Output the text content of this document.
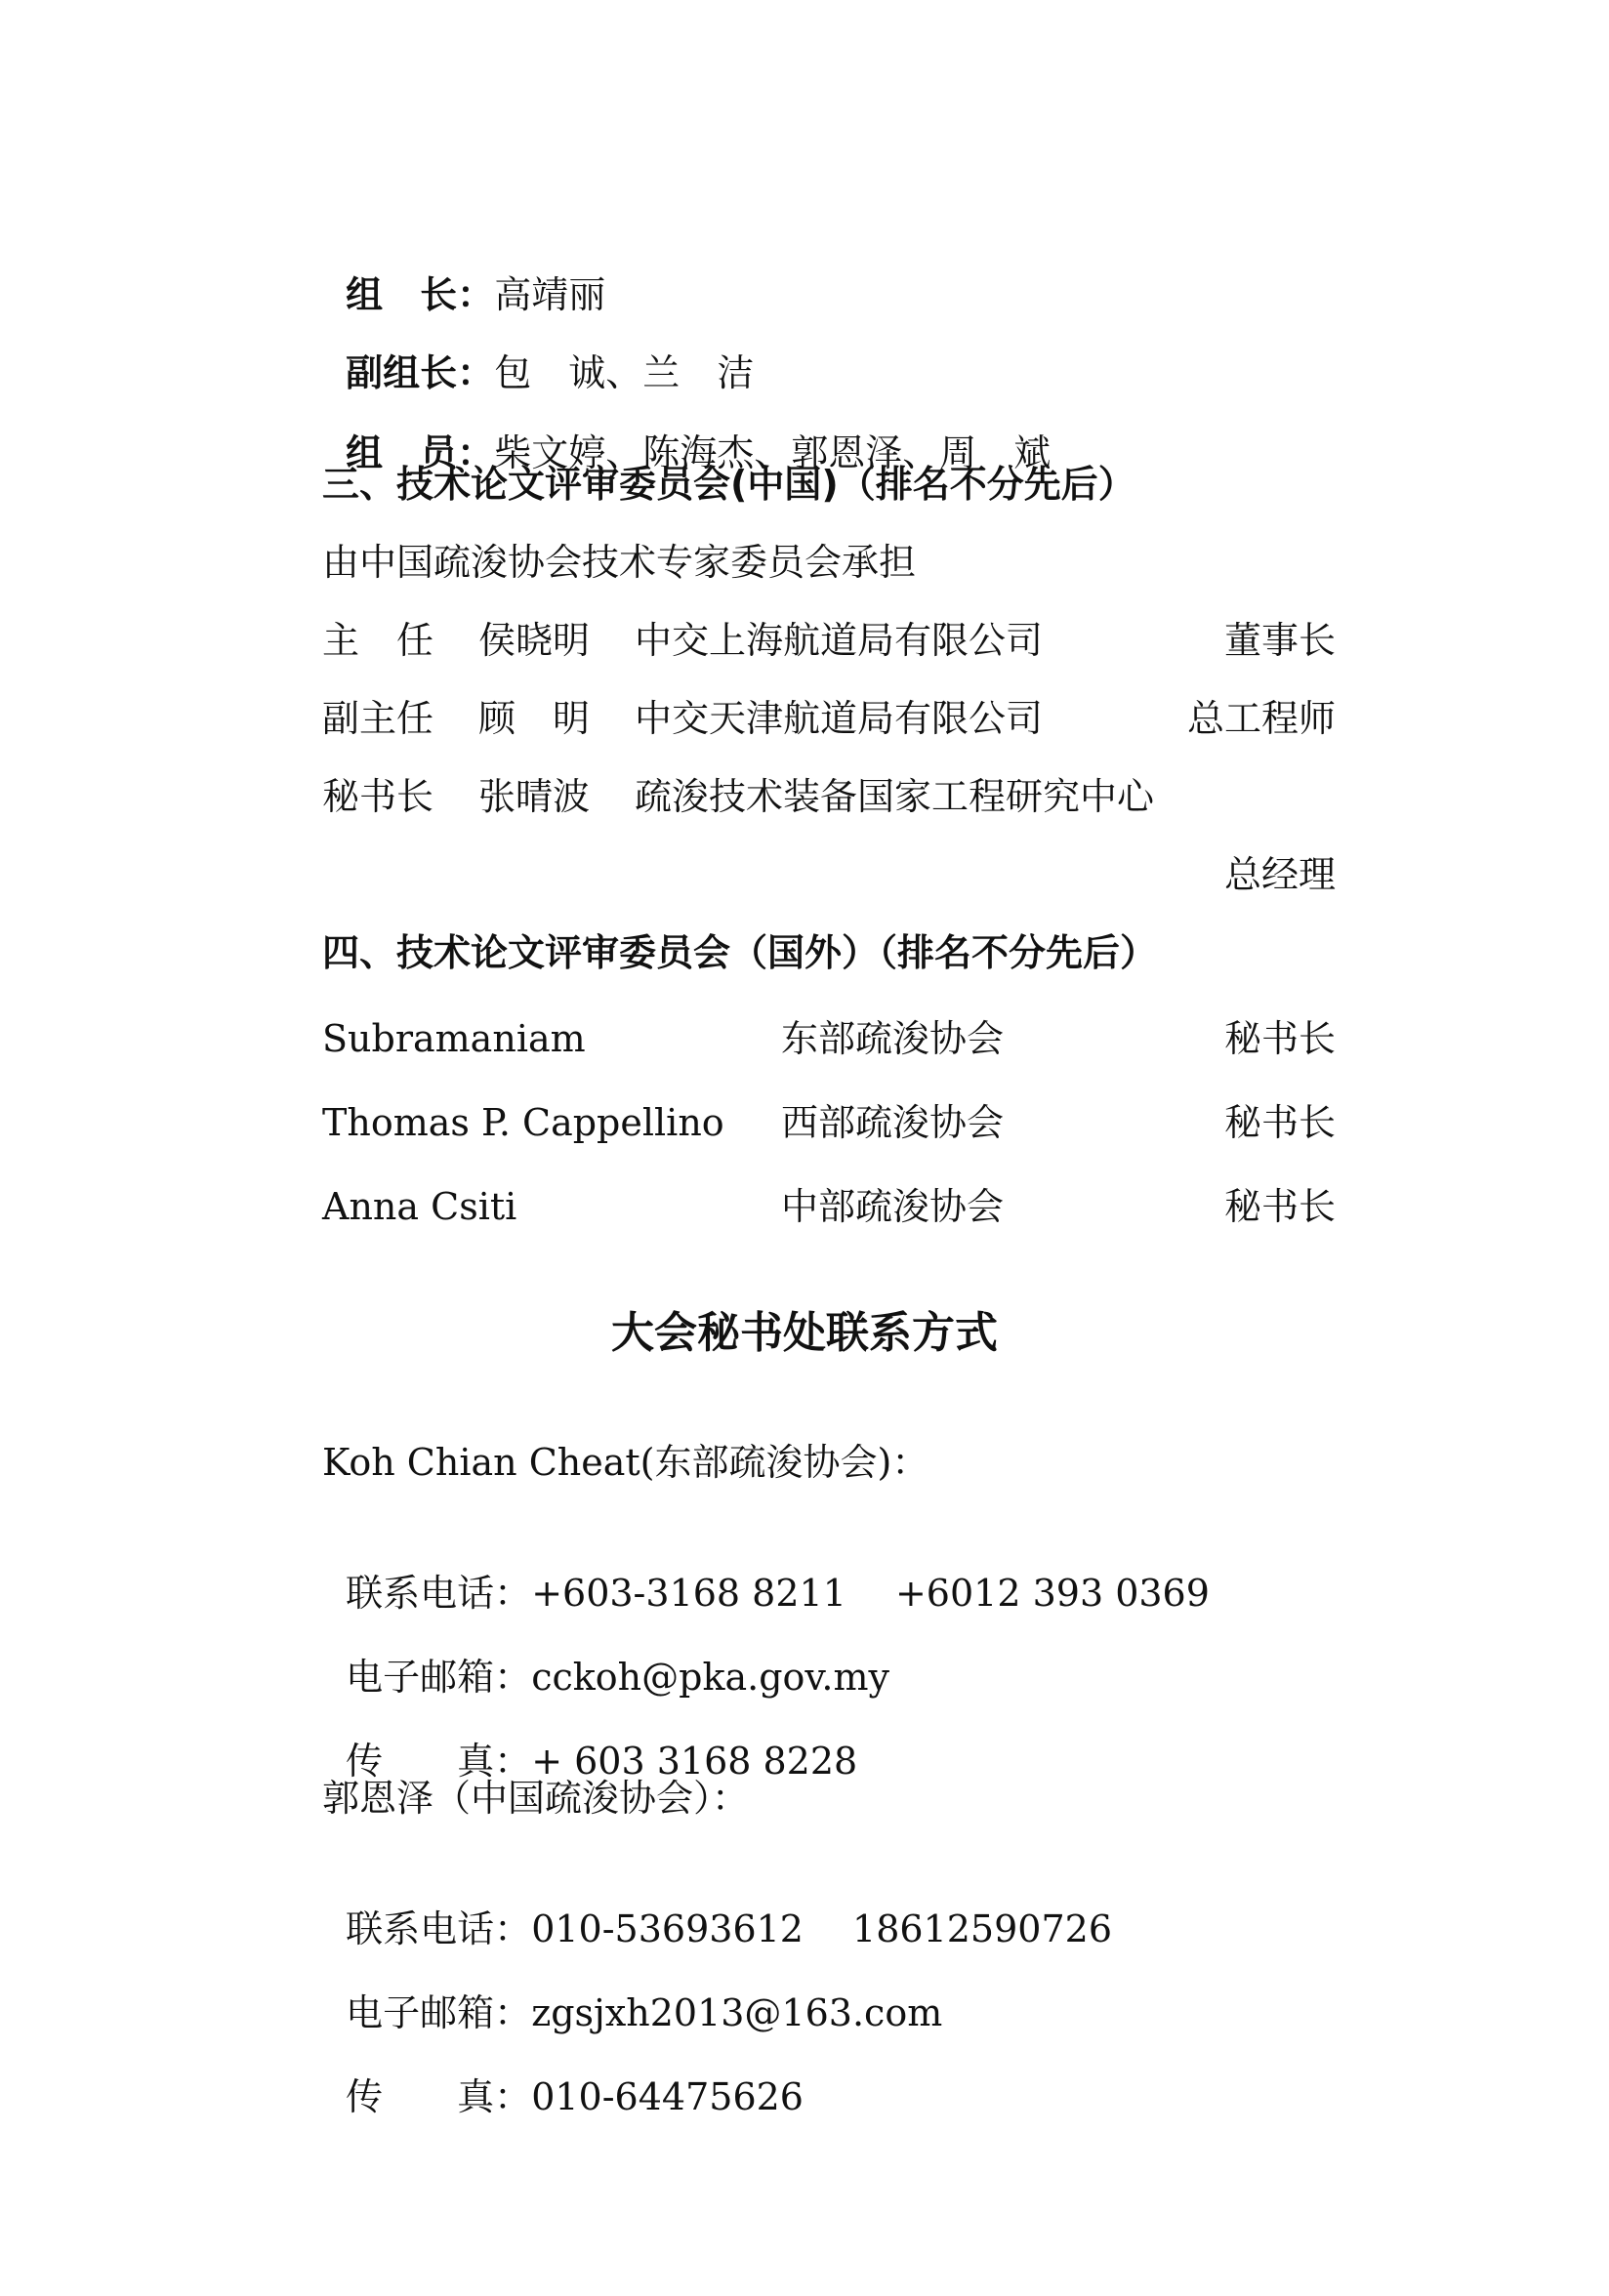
组　长：高靖丽

副组长：包　诚、兰　洁

组　员：柴文婷、陈海杰、郭恩泽、周　斌

三、技术论文评审委员会(中国)（排名不分先后）
由中国疏浚协会技术专家委员会承担
主　任 侯晓明 中交上海航道局有限公司	董事长
副主任 顾　明 中交天津航道局有限公司	总工程师
秘书长 张晴波 疏浚技术装备国家工程研究中心
总经理
四、技术论文评审委员会（国外）（排名不分先后）
Subramaniam	东部疏浚协会	秘书长
Thomas P. Cappellino 西部疏浚协会	秘书长
Anna Csiti	中部疏浚协会	秘书长
大会秘书处联系方式
Koh Chian Cheat(东部疏浚协会)：

联系电话：+603-3168 8211　 +6012 393 0369

电子邮箱：cckoh@pka.gov.my

传　　真：+ 603 3168 8228

郭恩泽（中国疏浚协会）：

联系电话：010-53693612　 18612590726

电子邮箱：zgsjxh2013@163.com

传　　真：010-64475626
